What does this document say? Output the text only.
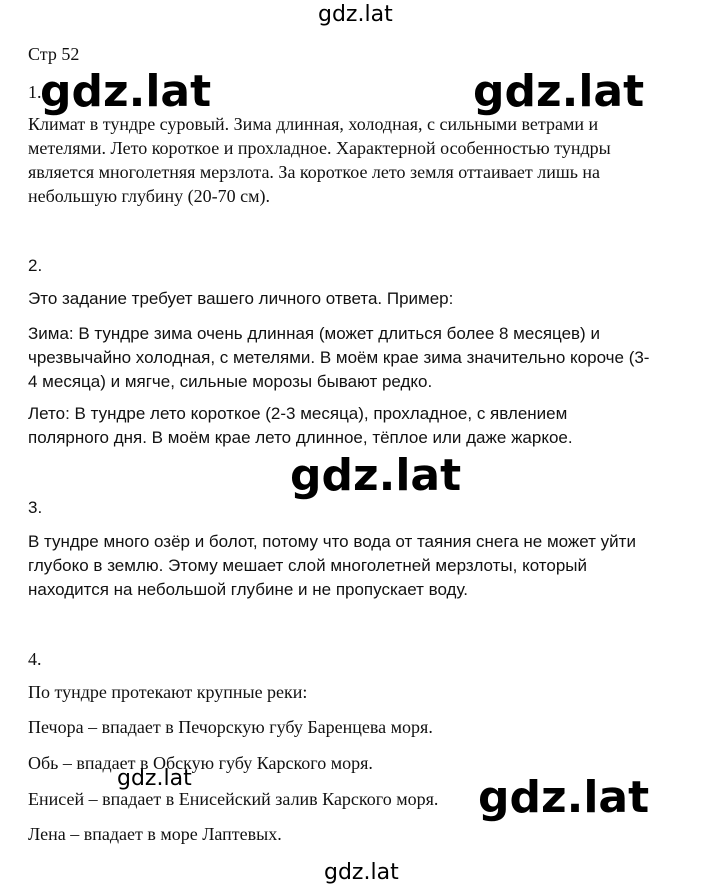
Стр 52
1.
Климат в тундре суровый. Зима длинная, холодная, с сильными ветрами и
метелями. Лето короткое и прохладное. Характерной особенностью тундры
является многолетняя мерзлота. За короткое лето земля оттаивает лишь на
небольшую глубину (20-70 см).
2.
Это задание требует вашего личного ответа. Пример:
Зима: В тундре зима очень длинная (может длиться более 8 месяцев) и
чрезвычайно холодная, с метелями. В моём крае зима значительно короче (3-
4 месяца) и мягче, сильные морозы бывают редко.
Лето: В тундре лето короткое (2-3 месяца), прохладное, с явлением
полярного дня. В моём крае лето длинное, тёплое или даже жаркое.
3.
В тундре много озёр и болот, потому что вода от таяния снега не может уйти
глубоко в землю. Этому мешает слой многолетней мерзлоты, который
находится на небольшой глубине и не пропускает воду.
4.
По тундре протекают крупные реки:
Печора – впадает в Печорскую губу Баренцева моря.
Обь – впадает в Обскую губу Карского моря.
Енисей – впадает в Енисейский залив Карского моря.
Лена – впадает в море Лаптевых.
gdz.lat
gdz.lat	gdz.lat
gdz.lat
gdz.lat	gdz.lat
gdz.lat
